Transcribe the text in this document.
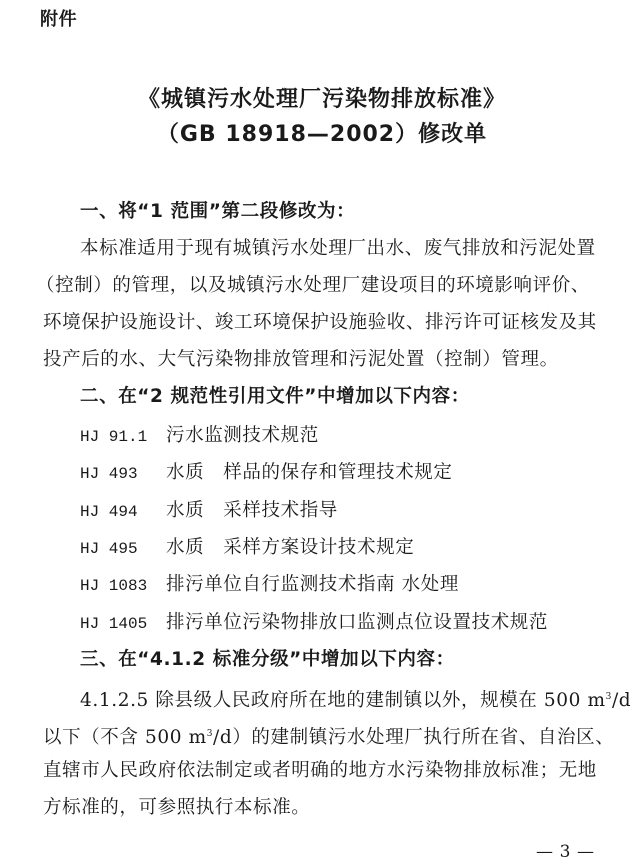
附件
《城镇污水处理厂污染物排放标准》
（GB 18918—2002）修改单
一、将“1 范围”第二段修改为：
本标准适用于现有城镇污水处理厂出水、废气排放和污泥处置
（控制）的管理，以及城镇污水处理厂建设项目的环境影响评价、
环境保护设施设计、竣工环境保护设施验收、排污许可证核发及其
投产后的水、大气污染物排放管理和污泥处置（控制）管理。
二、在“2 规范性引用文件”中增加以下内容：
HJ 91.1 污水监测技术规范
HJ 493 水质　样品的保存和管理技术规定
HJ 494 水质　采样技术指导
HJ 495 水质　采样方案设计技术规定
HJ 1083 排污单位自行监测技术指南 水处理
HJ 1405 排污单位污染物排放口监测点位设置技术规范
三、在“4.1.2 标准分级”中增加以下内容：
4.1.2.5 除县级人民政府所在地的建制镇以外，规模在 500 $m^3/d$
以下（不含 500 $m^3/d$）的建制镇污水处理厂执行所在省、自治区、
直辖市人民政府依法制定或者明确的地方水污染物排放标准；无地
方标准的，可参照执行本标准。
— 3 —
